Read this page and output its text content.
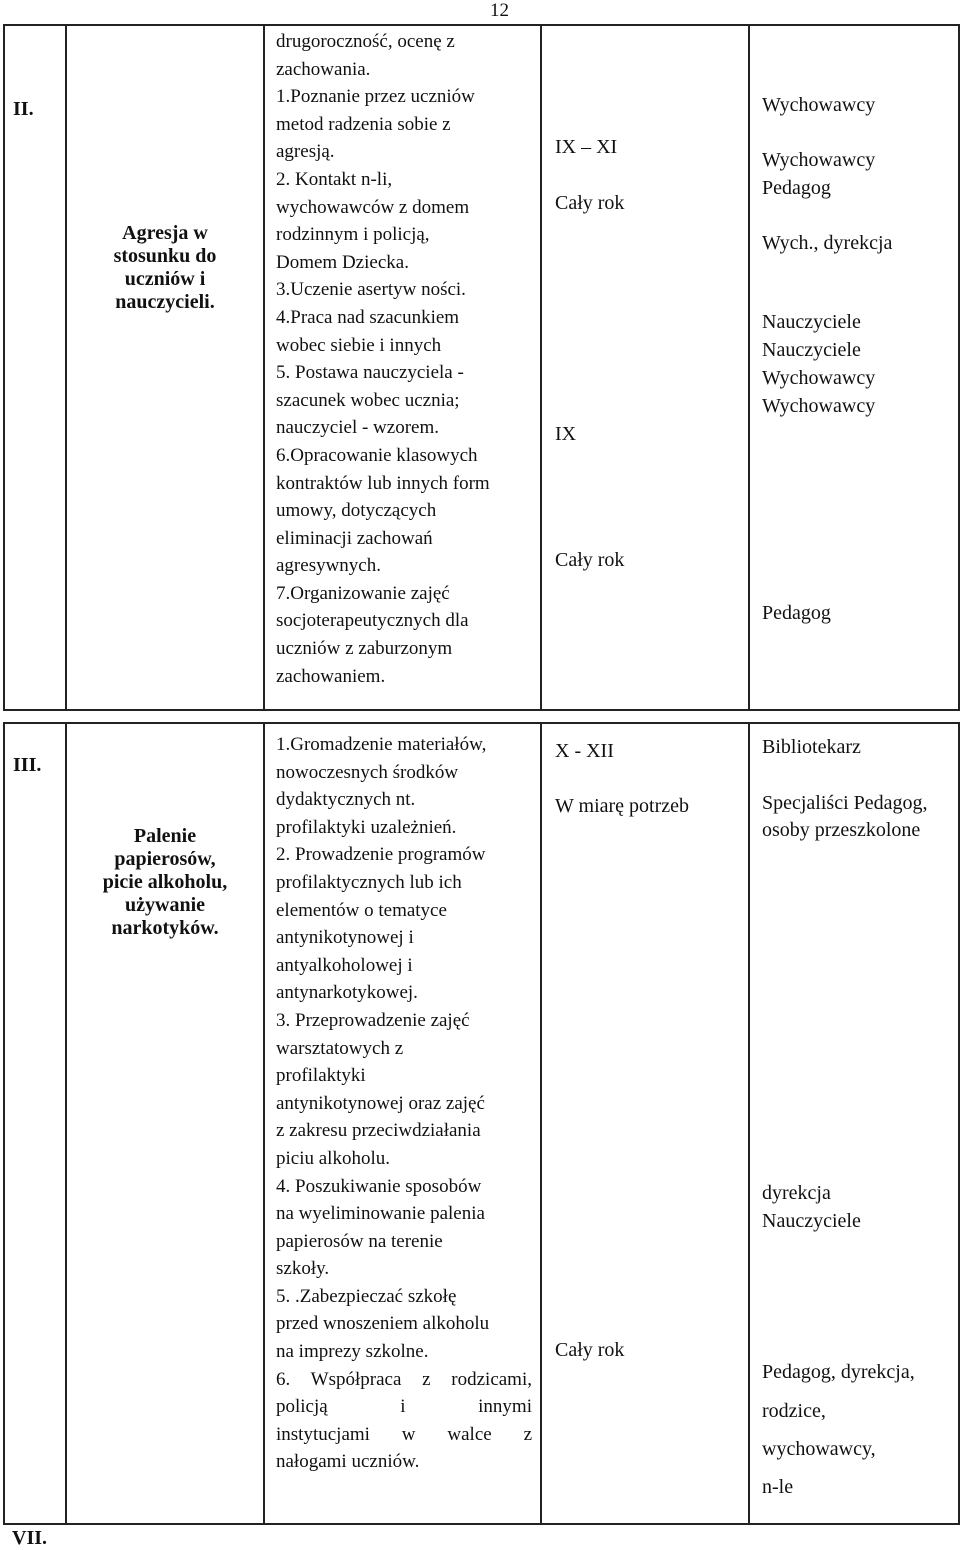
12
II.

Agresja w
stosunku do
uczniów i
nauczycieli.

drugoroczność, ocenę z
zachowania.
1.Poznanie przez uczniów
metod radzenia sobie z
agresją.
2. Kontakt n-li,
wychowawców z domem
rodzinnym i policją,
Domem Dziecka.
3.Uczenie asertyw ności.
4.Praca nad szacunkiem
wobec siebie i innych
5. Postawa nauczyciela -
szacunek wobec ucznia;
nauczyciel - wzorem.
6.Opracowanie klasowych
kontraktów lub innych form
umowy, dotyczących
eliminacji zachowań
agresywnych.
7.Organizowanie zajęć
socjoterapeutycznych dla
uczniów z zaburzonym
zachowaniem.

IX – XI
Cały rok
IX
Cały rok

Wychowawcy
Wychowawcy
Pedagog
Wych., dyrekcja
Nauczyciele
Nauczyciele
Wychowawcy
Wychowawcy
Pedagog
III.

Palenie
papierosów,
picie alkoholu,
używanie
narkotyków.

1.Gromadzenie materiałów,
nowoczesnych środków
dydaktycznych nt.
profilaktyki uzależnień.
2. Prowadzenie programów
profilaktycznych lub ich
elementów o tematyce
antynikotynowej i
antyalkoholowej i
antynarkotykowej.
3. Przeprowadzenie zajęć
warsztatowych z
profilaktyki
antynikotynowej oraz zajęć
z zakresu przeciwdziałania
piciu alkoholu.
4. Poszukiwanie sposobów
na wyeliminowanie palenia
papierosów na terenie
szkoły.
5. .Zabezpieczać szkołę
przed wnoszeniem alkoholu
na imprezy szkolne.
6. Współpraca z rodzicami,
policją i innymi
instytucjami w walce z
nałogami uczniów.

X - XII
W miarę potrzeb
Cały rok

Bibliotekarz
Specjaliści Pedagog,
osoby przeszkolone
dyrekcja
Nauczyciele
Pedagog, dyrekcja,
rodzice,
wychowawcy,
n-le
VII.
